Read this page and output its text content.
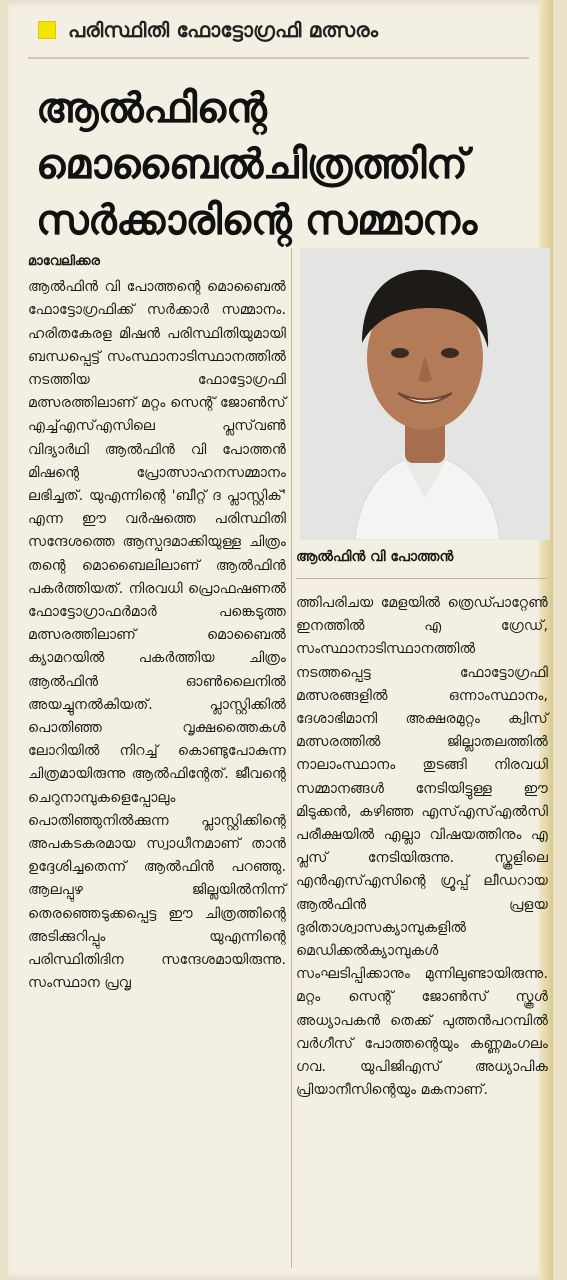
പരിസ്ഥിതി ഫോട്ടോഗ്രഫി മത്സരം
ആൽഫിന്റെ
മൊബൈൽചിത്രത്തിന്
സർക്കാരിന്റെ സമ്മാനം
മാവേലിക്കര

ആൽഫിൻ വി പോത്തന്റെ മൊബൈൽ ഫോട്ടോഗ്രഫിക്ക് സർക്കാർ സമ്മാനം. ഹരിതകേരള മിഷൻ പരിസ്ഥിതിയുമായി ബന്ധപ്പെട്ട് സംസ്ഥാനാടിസ്ഥാനത്തിൽ നടത്തിയ ഫോട്ടോഗ്രഫി മത്സരത്തിലാണ് മറ്റം സെന്റ് ജോൺസ് എച്ച്എസ്എസിലെ പ്ലസ്‌വൺ വിദ്യാർഥി ആൽഫിൻ വി പോത്തൻ മിഷന്റെ പ്രോത്സാഹനസമ്മാനം ലഭിച്ചത്. യുഎന്നിന്റെ 'ബീറ്റ് ദ പ്ലാസ്റ്റിക്' എന്ന ഈ വർഷത്തെ പരിസ്ഥിതി സന്ദേശത്തെ ആസ്പദമാക്കിയുള്ള ചിത്രം തന്റെ മൊബൈലിലാണ് ആൽഫിൻ പകർത്തിയത്. നിരവധി പ്രൊഫഷണൽ ഫോട്ടോഗ്രാഫർമാർ പങ്കെടുത്ത മത്സരത്തിലാണ് മൊബൈൽ ക്യാമറയിൽ പകർത്തിയ ചിത്രം ആൽഫിൻ ഓൺലൈനിൽ അയച്ചുനൽകിയത്. പ്ലാസ്റ്റിക്കിൽ പൊതിഞ്ഞ വൃക്ഷത്തൈകൾ ലോറിയിൽ നിറച്ച് കൊണ്ടുപോകുന്ന ചിത്രമായിരുന്നു ആൽഫിന്റേത്. ജീവന്റെ ചെറുനാമ്പുകളെപ്പോലും പൊതിഞ്ഞുനിൽക്കുന്ന പ്ലാസ്റ്റിക്കിന്റെ അപകടകരമായ സ്വാധീനമാണ് താൻ ഉദ്ദേശിച്ചതെന്ന് ആൽഫിൻ പറഞ്ഞു. ആലപ്പുഴ ജില്ലയിൽനിന്ന് തെരഞ്ഞെടുക്കപ്പെട്ട ഈ ചിത്രത്തിന്റെ അടിക്കുറിപ്പും യുഎന്നിന്റെ പരിസ്ഥിതിദിന സന്ദേശമായിരുന്നു. സംസ്ഥാന പ്രവൃ

ആൽഫിൻ വി പോത്തൻ

ത്തിപരിചയ മേളയിൽ ത്രെഡ്പാറ്റേൺ ഇനത്തിൽ എ ഗ്രേഡ്, സംസ്ഥാനാടിസ്ഥാനത്തിൽ നടത്തപ്പെട്ട ഫോട്ടോഗ്രഫി മത്സരങ്ങളിൽ ഒന്നാംസ്ഥാനം, ദേശാഭിമാനി അക്ഷരമുറ്റം ക്വിസ് മത്സരത്തിൽ ജില്ലാതലത്തിൽ നാലാംസ്ഥാനം തുടങ്ങി നിരവധി സമ്മാനങ്ങൾ നേടിയിട്ടുള്ള ഈ മിടുക്കൻ, കഴിഞ്ഞ എസ്എസ്എൽസി പരീക്ഷയിൽ എല്ലാ വിഷയത്തിനും എ പ്ലസ് നേടിയിരുന്നു. സ്കൂളിലെ എൻഎസ്എസിന്റെ ഗ്രൂപ്പ് ലീഡറായ ആൽഫിൻ പ്രളയ ദുരിതാശ്വാസക്യാമ്പുകളിൽ മെഡിക്കൽക്യാമ്പുകൾ സംഘടിപ്പിക്കാനും മുന്നിലുണ്ടായിരുന്നു. മറ്റം സെന്റ് ജോൺസ് സ്കൂൾ അധ്യാപകൻ തെക്ക് പുത്തൻപറമ്പിൽ വർഗീസ് പോത്തന്റെയും കണ്ണമംഗലം ഗവ. യുപിജിഎസ് അധ്യാപിക പ്രിയാനീസിന്റെയും മകനാണ്.
